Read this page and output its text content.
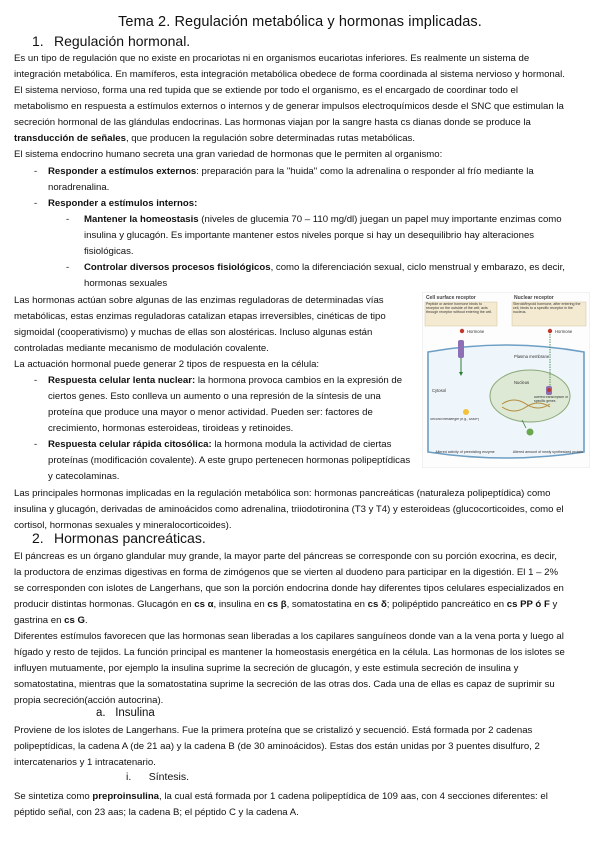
Tema 2. Regulación metabólica y hormonas implicadas.
1. Regulación hormonal.

Es un tipo de regulación que no existe en procariotas ni en organismos eucariotas inferiores. Es realmente un sistema de

integración metabólica. En mamíferos, esta integración metabólica obedece de forma coordinada al sistema nervioso y hormonal.

El sistema nervioso, forma una red tupida que se extiende por todo el organismo, es el encargado de coordinar todo el

metabolismo en respuesta a estímulos externos o internos y de generar impulsos electroquímicos desde el SNC que estimulan la

secreción hormonal de las glándulas endocrinas. Las hormonas viajan por la sangre hasta cs dianas donde se produce la

transducción de señales, que producen la regulación sobre determinadas rutas metabólicas.

El sistema endocrino humano secreta una gran variedad de hormonas que le permiten al organismo:

- Responder a estímulos externos: preparación para la "huida" como la adrenalina o responder al frío mediante la

noradrenalina.

- Responder a estímulos internos:
- Mantener la homeostasis (niveles de glucemia 70 – 110 mg/dl) juegan un papel muy importante enzimas como

insulina y glucagón. Es importante mantener estos niveles porque si hay un desequilibrio hay alteraciones

fisiológicas.

- Controlar diversos procesos fisiológicos, como la diferenciación sexual, ciclo menstrual y embarazo, es decir,

hormonas sexuales

Las hormonas actúan sobre algunas de las enzimas reguladoras de determinadas vías

metabólicas, estas enzimas reguladoras catalizan etapas irreversibles, cinéticas de tipo

sigmoidal (cooperativismo) y muchas de ellas son alostéricas. Incluso algunas están

controladas mediante mecanismo de modulación covalente.

La actuación hormonal puede generar 2 tipos de respuesta en la célula:

- Respuesta celular lenta nuclear: la hormona provoca cambios en la expresión de

ciertos genes. Esto conlleva un aumento o una represión de la síntesis de una

proteína que produce una mayor o menor actividad. Pueden ser: factores de

crecimiento, hormonas esteroideas, tiroideas y retinoides.

- Respuesta celular rápida citosólica: la hormona modula la actividad de ciertas

proteínas (modificación covalente). A este grupo pertenecen hormonas polipeptídicas

y catecolaminas.

Cell surface receptor	Nuclear receptor
Peptide or amine hormone binds to receptor on the outside of the cell; acts through receptor without entering the cell.
Steroid/thyroid hormone, after entering the cell, binds to a specific receptor in the nucleus.
Hormone	Hormone
Plasma membrane
Nucleus
Altered transcription of specific genes
Cytosol
Second messenger (e.g., cAMP)
Altered activity of preexisting enzyme	Altered amount of newly synthesized protein

Las principales hormonas implicadas en la regulación metabólica son: hormonas pancreáticas (naturaleza polipeptídica) como

insulina y glucagón, derivadas de aminoácidos como adrenalina, triiodotironina (T3 y T4) y esteroideas (glucocorticoides, como el

cortisol, hormonas sexuales y mineralocorticoides).

2. Hormonas pancreáticas.

El páncreas es un órgano glandular muy grande, la mayor parte del páncreas se corresponde con su porción exocrina, es decir,

la productora de enzimas digestivas en forma de zimógenos que se vierten al duodeno para participar en la digestión. El 1 – 2%

se corresponden con islotes de Langerhans, que son la porción endocrina donde hay diferentes tipos celulares especializados en

producir distintas hormonas. Glucagón en cs α, insulina en cs β, somatostatina en cs δ; polipéptido pancreático en cs PP ó F y

gastrina en cs G.

Diferentes estímulos favorecen que las hormonas sean liberadas a los capilares sanguíneos donde van a la vena porta y luego al

hígado y resto de tejidos. La función principal es mantener la homeostasis energética en la célula. Las hormonas de los islotes se

influyen mutuamente, por ejemplo la insulina suprime la secreción de glucagón, y este estimula secreción de insulina y

somatostatina, mientras que la somatostatina suprime la secreción de las otras dos. Cada una de ellas es capaz de suprimir su

propia secreción(acción autocrina).

a. Insulina

Proviene de los islotes de Langerhans. Fue la primera proteína que se cristalizó y secuenció. Está formada por 2 cadenas

polipeptídicas, la cadena A (de 21 aa) y la cadena B (de 30 aminoácidos). Estas dos están unidas por 3 puentes disulfuro, 2

intercatenarios y 1 intracatenario.

i. Síntesis.

Se sintetiza como preproinsulina, la cual está formada por 1 cadena polipeptídica de 109 aas, con 4 secciones diferentes: el

péptido señal, con 23 aas; la cadena B; el péptido C y la cadena A.
